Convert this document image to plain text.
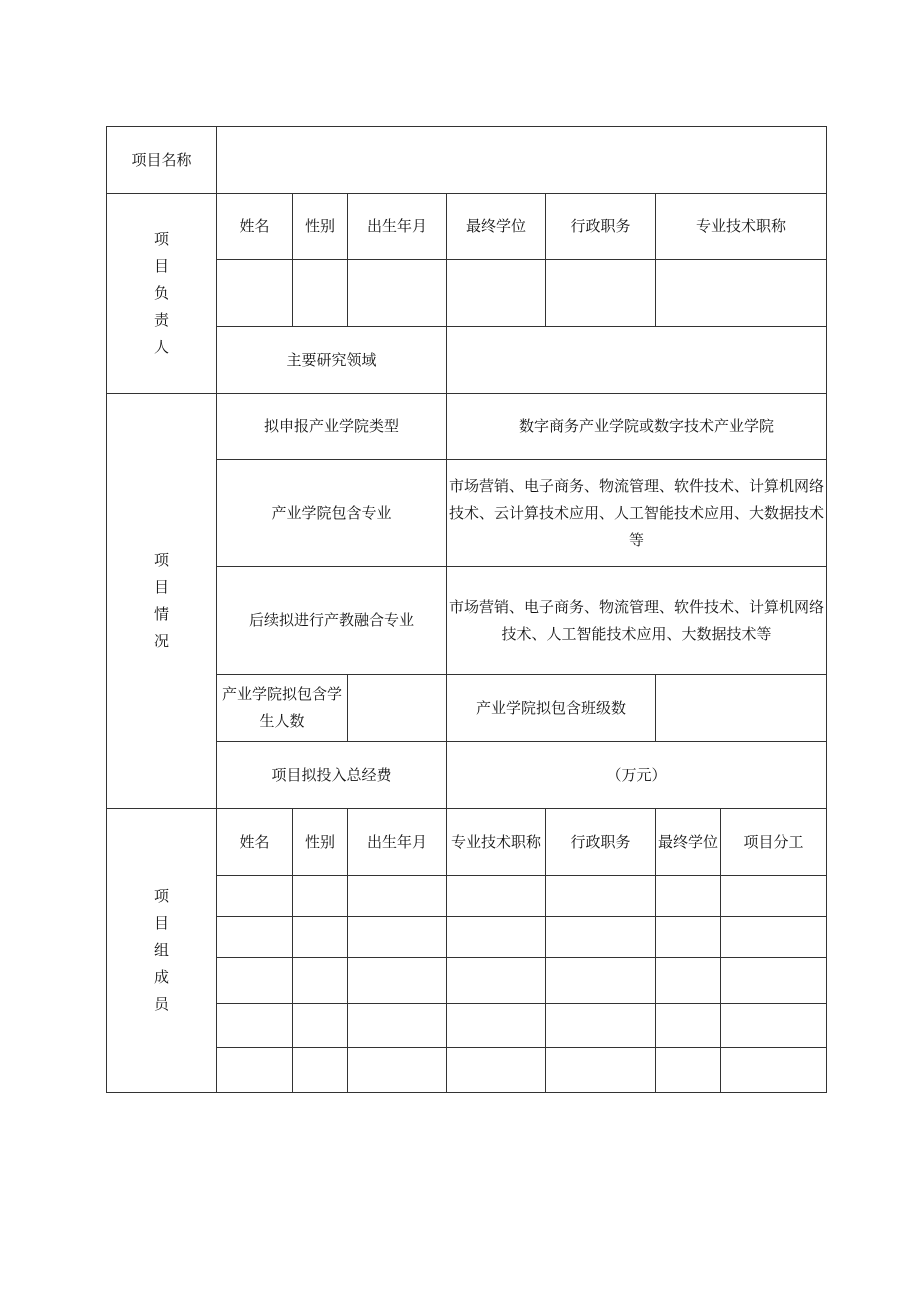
项目名称							
项目负责人	姓名	性别	出生年月	最终学位	行政职务	专业技术职称	

	主要研究领域						
项目情况	拟申报产业学院类型			数字商务产业学院或数字技术产业学院			
	产业学院包含专业			市场营销、电子商务、物流管理、软件技术、计算机网络技术、云计算技术应用、人工智能技术应用、大数据技术等			
	后续拟进行产教融合专业			市场营销、电子商务、物流管理、软件技术、计算机网络技术、人工智能技术应用、大数据技术等			
	产业学院拟包含学生人数			产业学院拟包含班级数			
	项目拟投入总经费			（万元）			
项目组成员	姓名	性别	出生年月	专业技术职称	行政职务	最终学位	项目分工
